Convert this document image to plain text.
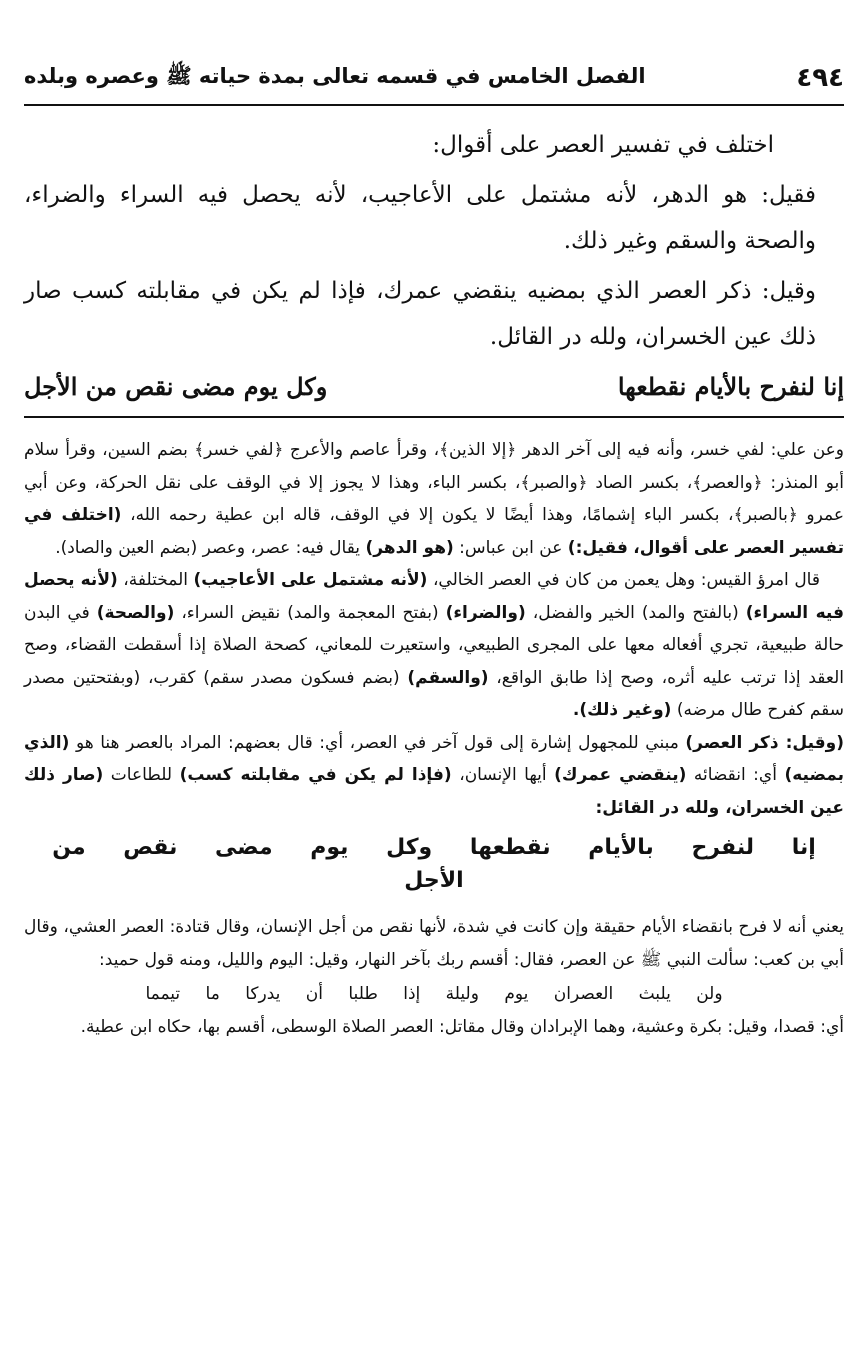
٤٩٤
الفصل الخامس في قسمه تعالى بمدة حياته ﷺ وعصره وبلده

اختلف في تفسير العصر على أقوال:

فقيل: هو الدهر، لأنه مشتمل على الأعاجيب، لأنه يحصل فيه السراء والضراء، والصحة والسقم وغير ذلك.

وقيل: ذكر العصر الذي بمضيه ينقضي عمرك، فإذا لم يكن في مقابلته كسب صار ذلك عين الخسران، ولله در القائل.

إنا لنفرح بالأيام نقطعها
وكل يوم مضى نقص من الأجل

وعن علي: لفي خسر، وأنه فيه إلى آخر الدهر ﴿إلا الذين﴾، وقرأ عاصم والأعرج ﴿لفي خسر﴾ بضم السين، وقرأ سلام أبو المنذر: ﴿والعصر﴾، بكسر الصاد ﴿والصبر﴾، بكسر الباء، وهذا لا يجوز إلا في الوقف على نقل الحركة، وعن أبي عمرو ﴿بالصبر﴾، بكسر الباء إشمامًا، وهذا أيضًا لا يكون إلا في الوقف، قاله ابن عطية رحمه الله، (اختلف في تفسير العصر على أقوال، فقيل:) عن ابن عباس: (هو الدهر) يقال فيه: عصر، وعصر (بضم العين والصاد).

قال امرؤ القيس: وهل يعمن من كان في العصر الخالي، (لأنه مشتمل على الأعاجيب) المختلفة، (لأنه يحصل فيه السراء) (بالفتح والمد) الخير والفضل، (والضراء) (بفتح المعجمة والمد) نقيض السراء، (والصحة) في البدن حالة طبيعية، تجري أفعاله معها على المجرى الطبيعي، واستعيرت للمعاني، كصحة الصلاة إذا أسقطت القضاء، وصح العقد إذا ترتب عليه أثره، وصح إذا طابق الواقع، (والسقم) (بضم فسكون مصدر سقم) كقرب، (وبفتحتين مصدر سقم كفرح طال مرضه) (وغير ذلك).

(وقيل: ذكر العصر) مبني للمجهول إشارة إلى قول آخر في العصر، أي: قال بعضهم: المراد بالعصر هنا هو (الذي بمضيه) أي: انقضائه (ينقضي عمرك) أيها الإنسان، (فإذا لم يكن في مقابلته كسب) للطاعات (صار ذلك عين الخسران، ولله در القائل:

إنا لنفرح بالأيام نقطعها وكل يوم مضى نقص من الأجل

يعني أنه لا فرح بانقضاء الأيام حقيقة وإن كانت في شدة، لأنها نقص من أجل الإنسان، وقال قتادة: العصر العشي، وقال أبي بن كعب: سألت النبي ﷺ عن العصر، فقال: أقسم ربك بآخر النهار، وقيل: اليوم والليل، ومنه قول حميد:

ولن يلبث العصران يوم وليلة إذا طلبا أن يدركا ما تيمما

أي: قصدا، وقيل: بكرة وعشية، وهما الإبرادان وقال مقاتل: العصر الصلاة الوسطى، أقسم بها، حكاه ابن عطية.
